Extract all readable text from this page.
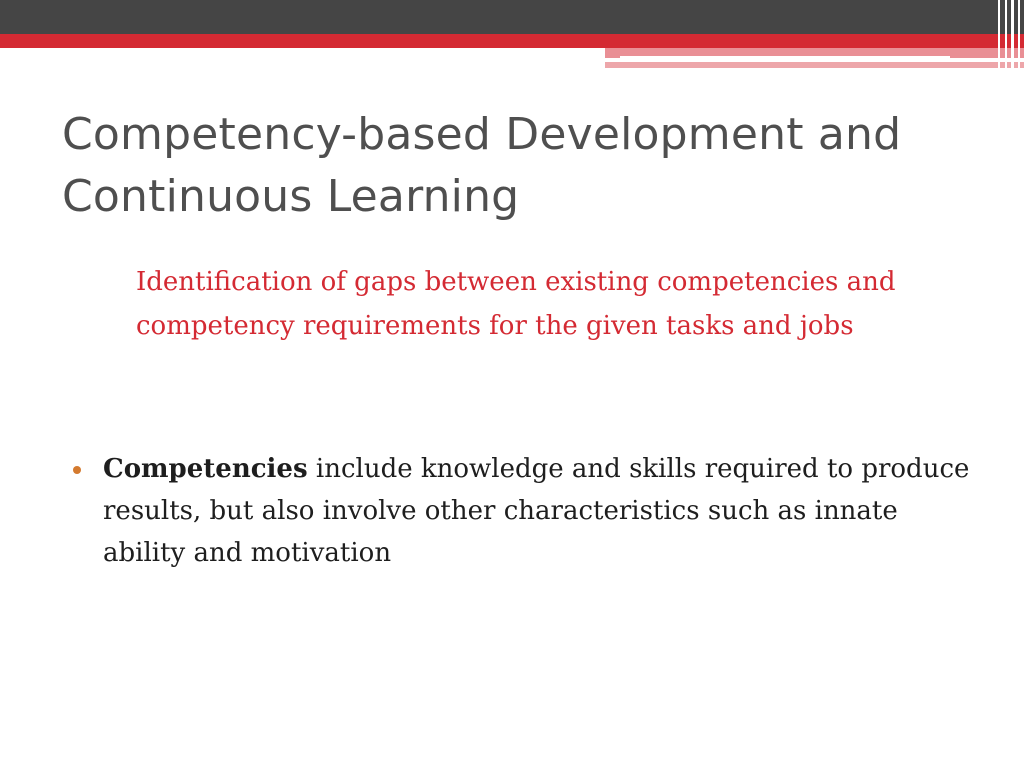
Competency-based Development and Continuous Learning

Identification of gaps between existing competencies and competency requirements for the given tasks and jobs

Competencies include knowledge and skills required to produce results, but also involve other characteristics such as innate ability and motivation
